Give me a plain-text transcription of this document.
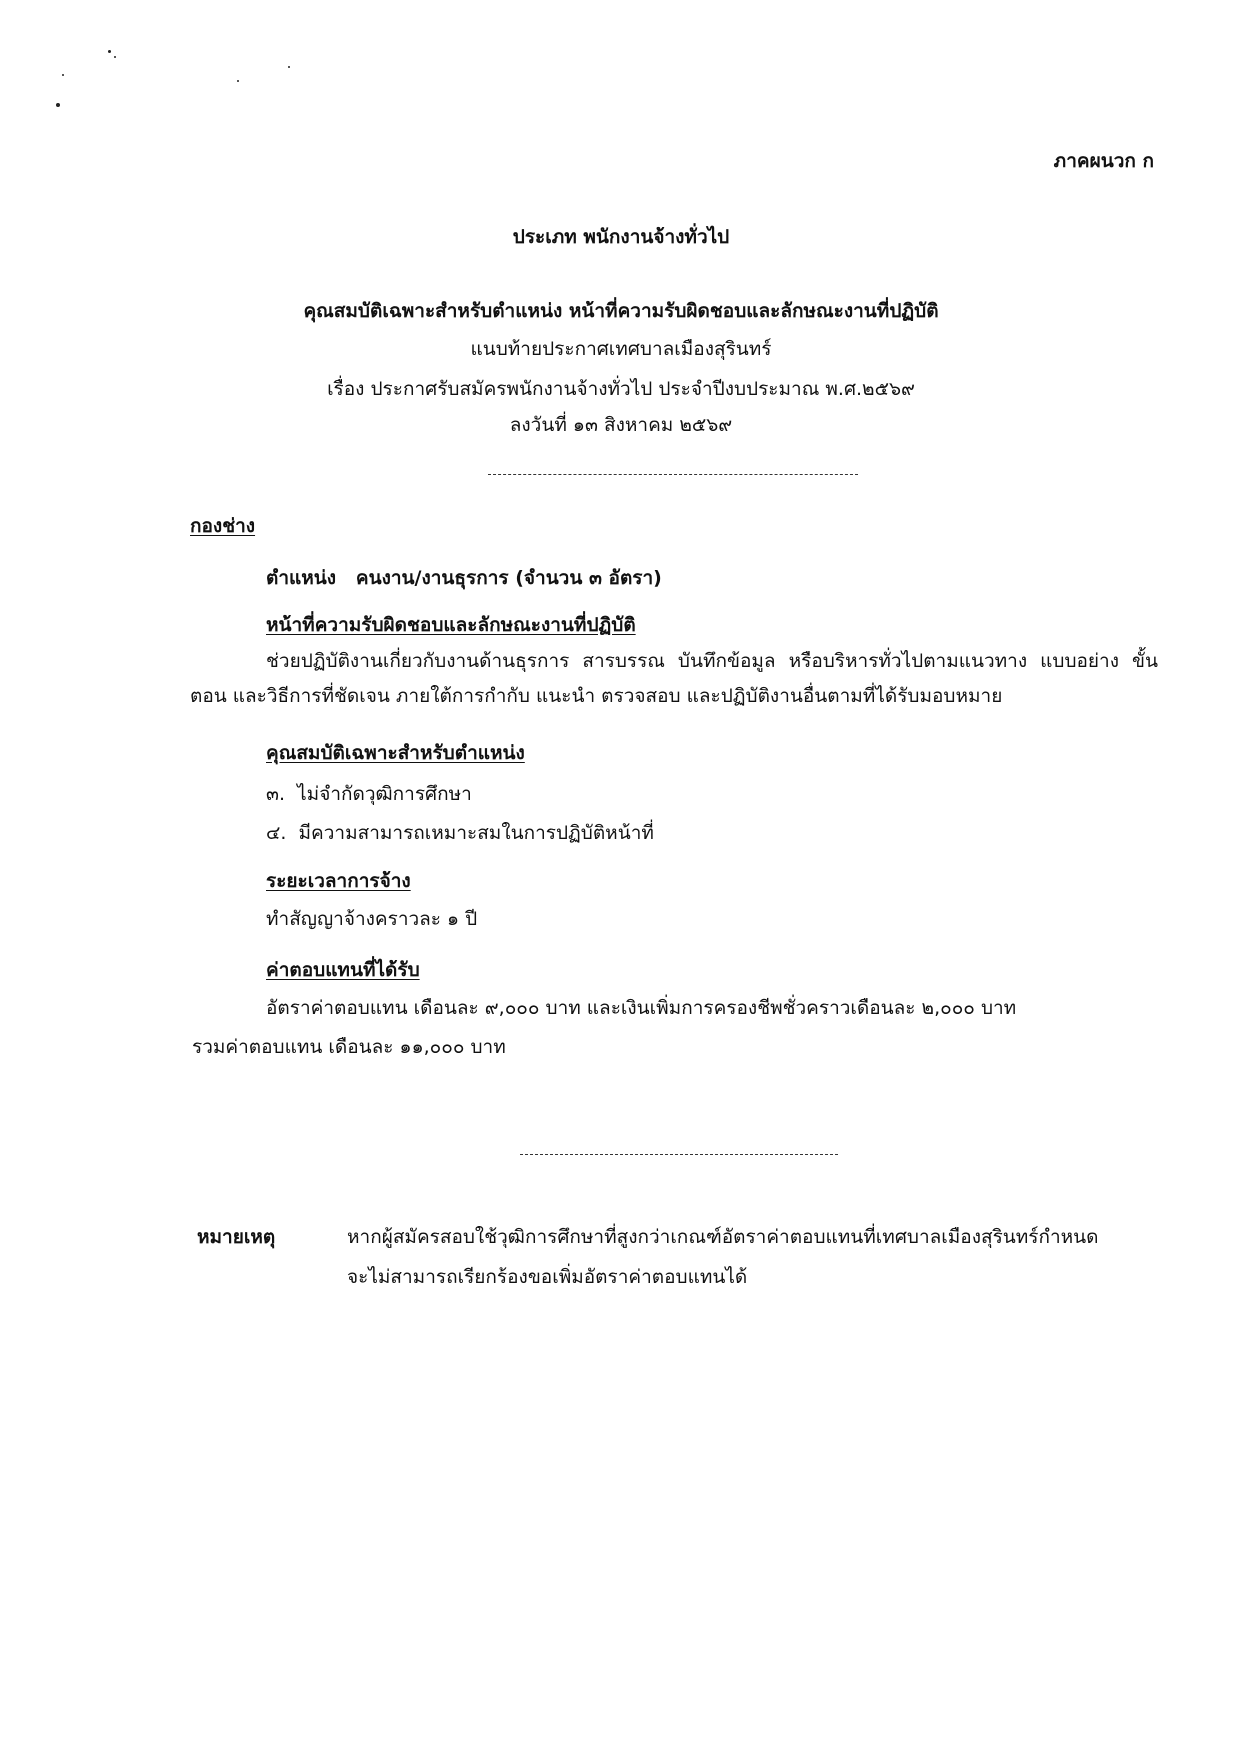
ภาคผนวก ก
ประเภท พนักงานจ้างทั่วไป
คุณสมบัติเฉพาะสำหรับตำแหน่ง หน้าที่ความรับผิดชอบและลักษณะงานที่ปฏิบัติ
แนบท้ายประกาศเทศบาลเมืองสุรินทร์
เรื่อง ประกาศรับสมัครพนักงานจ้างทั่วไป ประจำปีงบประมาณ พ.ศ.๒๕๖๙
ลงวันที่ ๑๓ สิงหาคม ๒๕๖๙
กองช่าง
ตำแหน่ง คนงาน/งานธุรการ (จำนวน ๓ อัตรา)
หน้าที่ความรับผิดชอบและลักษณะงานที่ปฏิบัติ
ช่วยปฏิบัติงานเกี่ยวกับงานด้านธุรการ สารบรรณ บันทึกข้อมูล หรือบริหารทั่วไปตามแนวทาง แบบอย่าง ขั้นตอน และวิธีการที่ชัดเจน ภายใต้การกำกับ แนะนำ ตรวจสอบ และปฏิบัติงานอื่นตามที่ได้รับมอบหมาย
คุณสมบัติเฉพาะสำหรับตำแหน่ง
๓. ไม่จำกัดวุฒิการศึกษา
๔. มีความสามารถเหมาะสมในการปฏิบัติหน้าที่
ระยะเวลาการจ้าง
ทำสัญญาจ้างคราวละ ๑ ปี
ค่าตอบแทนที่ได้รับ
อัตราค่าตอบแทน เดือนละ ๙,๐๐๐ บาท และเงินเพิ่มการครองชีพชั่วคราวเดือนละ ๒,๐๐๐ บาท
รวมค่าตอบแทน เดือนละ ๑๑,๐๐๐ บาท
หมายเหตุ	หากผู้สมัครสอบใช้วุฒิการศึกษาที่สูงกว่าเกณฑ์อัตราค่าตอบแทนที่เทศบาลเมืองสุรินทร์กำหนด
จะไม่สามารถเรียกร้องขอเพิ่มอัตราค่าตอบแทนได้
